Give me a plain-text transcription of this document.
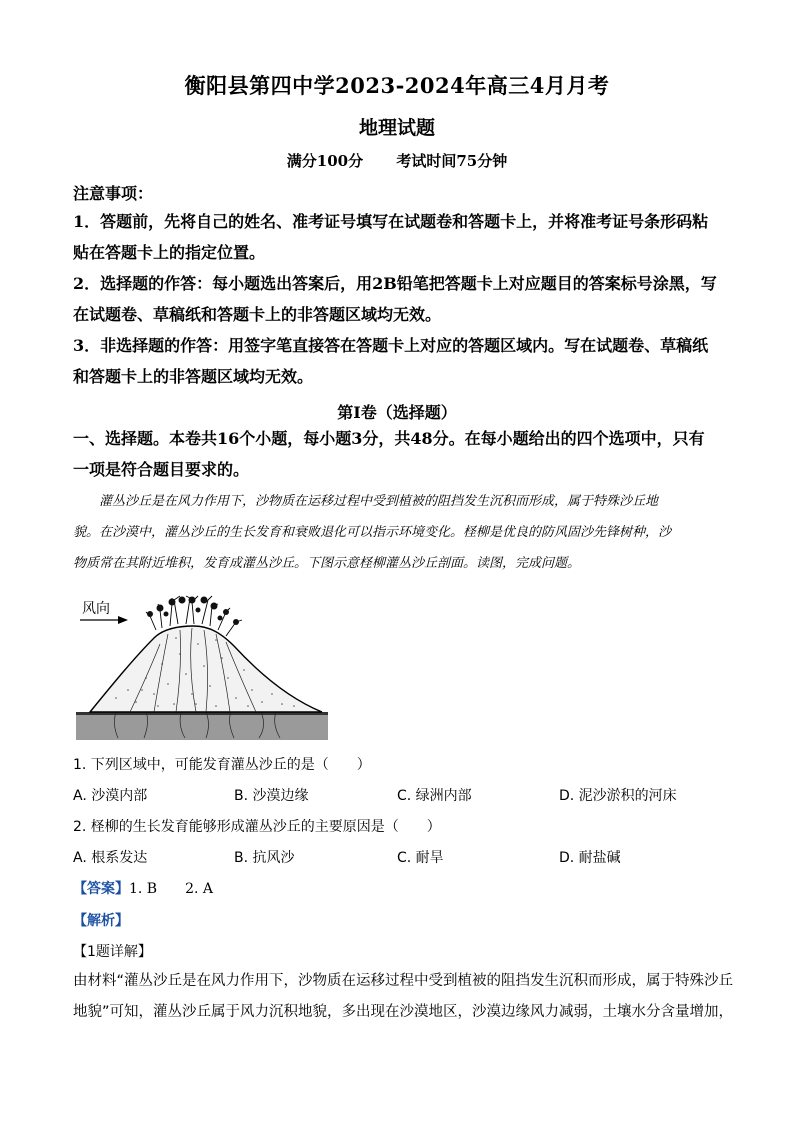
衡阳县第四中学2023-2024年高三4月月考
地理试题
满分100分 考试时间75分钟
注意事项：
1．答题前，先将自己的姓名、准考证号填写在试题卷和答题卡上，并将准考证号条形码粘
贴在答题卡上的指定位置。
2．选择题的作答：每小题选出答案后，用2B铅笔把答题卡上对应题目的答案标号涂黑，写
在试题卷、草稿纸和答题卡上的非答题区域均无效。
3．非选择题的作答：用签字笔直接答在答题卡上对应的答题区域内。写在试题卷、草稿纸
和答题卡上的非答题区域均无效。
第Ⅰ卷（选择题）
一、选择题。本卷共16个小题，每小题3分，共48分。在每小题给出的四个选项中，只有
一项是符合题目要求的。
　　灌丛沙丘是在风力作用下，沙物质在运移过程中受到植被的阻挡发生沉积而形成，属于特殊沙丘地
貌。在沙漠中，灌丛沙丘的生长发育和衰败退化可以指示环境变化。柽柳是优良的防风固沙先锋树种，沙
物质常在其附近堆积，发育成灌丛沙丘。下图示意柽柳灌丛沙丘剖面。读图，完成问题。
风向
1. 下列区域中，可能发育灌丛沙丘的是（　　）
A. 沙漠内部	B. 沙漠边缘	C. 绿洲内部	D. 泥沙淤积的河床
2. 柽柳的生长发育能够形成灌丛沙丘的主要原因是（　　）
A. 根系发达	B. 抗风沙	C. 耐旱	D. 耐盐碱
【答案】1. B　　2. A
【解析】
【1题详解】
由材料“灌丛沙丘是在风力作用下，沙物质在运移过程中受到植被的阻挡发生沉积而形成，属于特殊沙丘
地貌”可知，灌丛沙丘属于风力沉积地貌，多出现在沙漠地区，沙漠边缘风力减弱，土壤水分含量增加，
